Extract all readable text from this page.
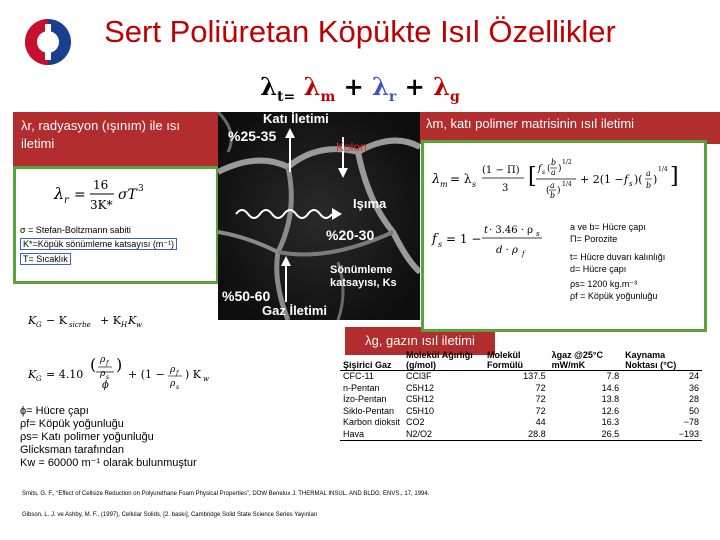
Sert Poliüretan Köpükte Isıl Özellikler
$\lambda_{t=}$ $\lambda_m + \lambda_r + \lambda_g$
λr, radyasyon (ışınım) ile ısı iletimi
λm, katı polimer matrisinin ısıl iletimi
λg, gazın ısıl iletimi
λ r =
16
3K*
σT 3
σ = Stefan-Boltzmann sabiti
K*=Köpük sönümleme katsayısı (m⁻¹)
T= Sıcaklık
Katı İletimi
%25-35
Kolon
Işıma
%20-30
Sönümleme katsayısı, Ks
%50-60
Gaz İletimi
λ m = λ s
(1 − Π)
3 [ f s (
b
a )
1/2
(
a
b )
1/4 + 2(1 − f s )( a
b )
1/4 ]
f s = 1 −
t · 3.46 · ρ s
d · ρ f
a ve b= Hücre çapı
Π= Porozite
t= Hücre duvarı kalınlığı
d= Hücre çapı
ρs= 1200 kg.m⁻³
ρf = Köpük yoğunluğu
K G − K sicrbe + K H K w
K G = 4.10
( ρ f
ρ s
ϕ
)
+ (1 − ρ f
ρ s
) K w
ϕ= Hücre çapı
ρf= Köpük yoğunluğu
ρs= Katı polimer yoğunluğu
Glicksman tarafından
Kw = 60000 m⁻¹ olarak bulunmuştur
Smits, G. F., “Effect of Cellsize Reduction on Polyurethane Foam Physical Properties”, DOW Benelux J. THERMAL INSUL. AND BLDG. ENVS., 17, 1994.
Gibson, L. J. ve Ashby, M. F., (1997), Cellular Solids, [2. baskı], Cambridge Solid State Science Series Yayınları
Şişirici Gaz	Molekül Ağırlığı (g/mol)	Molekül Formülü	λgaz @25°C mW/mK	Kaynama Noktası (°C)
CFC-11	CCl3F	137.5	7.8	24
n-Pentan	C5H12	72	14.6	36
İzo-Pentan	C5H12	72	13.8	28
Siklo-Pentan	C5H10	72	12.6	50
Karbon dioksit	CO2	44	16.3	−78
Hava	N2/O2	28.8	26.5	−193
